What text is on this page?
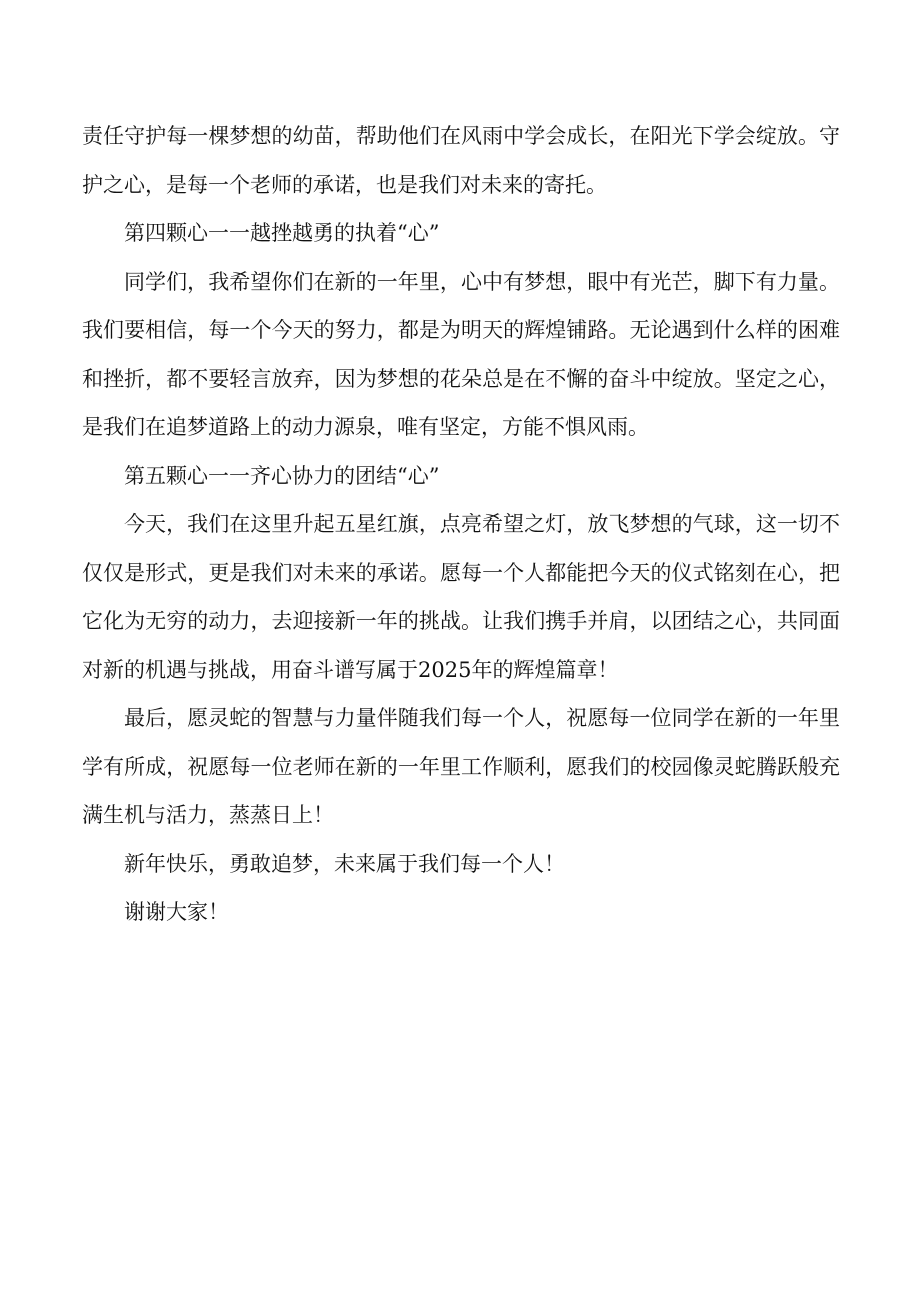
责任守护每一棵梦想的幼苗，帮助他们在风雨中学会成长，在阳光下学会绽放。守护之心，是每一个老师的承诺，也是我们对未来的寄托。

第四颗心一一越挫越勇的执着“心”

同学们，我希望你们在新的一年里，心中有梦想，眼中有光芒，脚下有力量。我们要相信，每一个今天的努力，都是为明天的辉煌铺路。无论遇到什么样的困难和挫折，都不要轻言放弃，因为梦想的花朵总是在不懈的奋斗中绽放。坚定之心，是我们在追梦道路上的动力源泉，唯有坚定，方能不惧风雨。

第五颗心一一齐心协力的团结“心”

今天，我们在这里升起五星红旗，点亮希望之灯，放飞梦想的气球，这一切不仅仅是形式，更是我们对未来的承诺。愿每一个人都能把今天的仪式铭刻在心，把它化为无穷的动力，去迎接新一年的挑战。让我们携手并肩，以团结之心，共同面对新的机遇与挑战，用奋斗谱写属于2025年的辉煌篇章！

最后，愿灵蛇的智慧与力量伴随我们每一个人，祝愿每一位同学在新的一年里学有所成，祝愿每一位老师在新的一年里工作顺利，愿我们的校园像灵蛇腾跃般充满生机与活力，蒸蒸日上！

新年快乐，勇敢追梦，未来属于我们每一个人！

谢谢大家！
